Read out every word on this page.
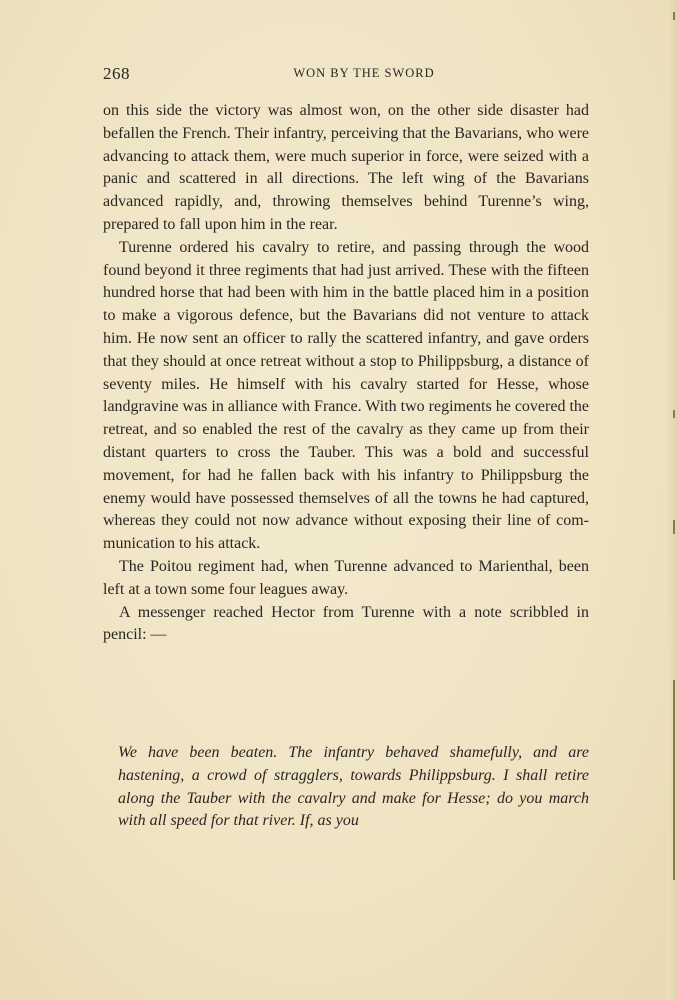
268	WON BY THE SWORD

on this side the victory was almost won, on the other side disaster had befallen the French. Their infantry, perceiving that the Bavarians, who were advancing to attack them, were much superior in force, were seized with a panic and scattered in all directions. The left wing of the Bavarians advanced rapidly, and, throwing themselves behind Turenne’s wing, prepared to fall upon him in the rear.

Turenne ordered his cavalry to retire, and passing through the wood found beyond it three regiments that had just arrived. These with the fifteen hundred horse that had been with him in the battle placed him in a position to make a vigorous defence, but the Bavarians did not venture to attack him. He now sent an officer to rally the scattered infantry, and gave orders that they should at once retreat without a stop to Philippsburg, a distance of seventy miles. He himself with his cavalry started for Hesse, whose landgravine was in alliance with France. With two regiments he covered the retreat, and so enabled the rest of the cavalry as they came up from their distant quarters to cross the Tauber. This was a bold and successful movement, for had he fallen back with his infantry to Philippsburg the enemy would have possessed themselves of all the towns he had captured, whereas they could not now advance without exposing their line of com-munication to his attack.

The Poitou regiment had, when Turenne advanced to Marienthal, been left at a town some four leagues away.

A messenger reached Hector from Turenne with a note scribbled in pencil: —

We have been beaten. The infantry behaved shamefully, and are hastening, a crowd of stragglers, towards Philippsburg. I shall retire along the Tauber with the cavalry and make for Hesse; do you march with all speed for that river. If, as you
